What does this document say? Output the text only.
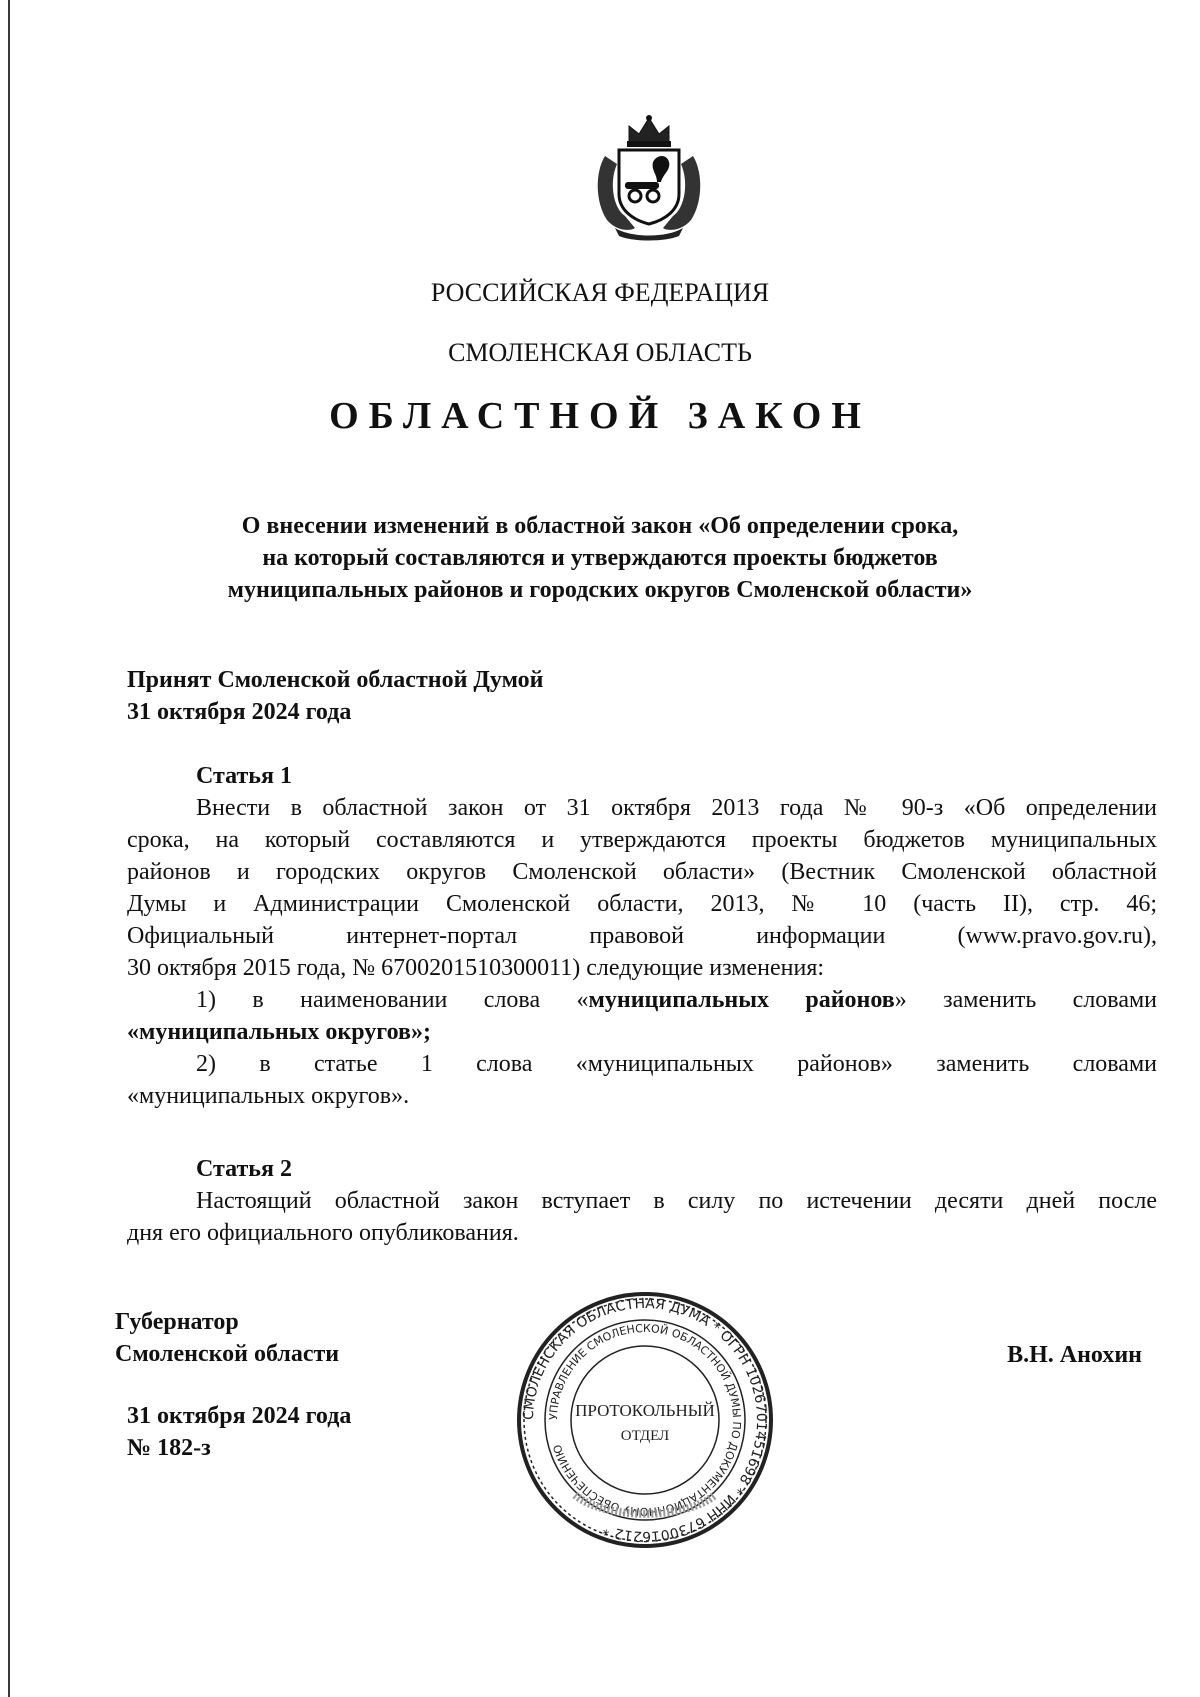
РОССИЙСКАЯ ФЕДЕРАЦИЯ

СМОЛЕНСКАЯ ОБЛАСТЬ

ОБЛАСТНОЙ ЗАКОН

О внесении изменений в областной закон «Об определении срока,
на который составляются и утверждаются проекты бюджетов
муниципальных районов и городских округов Смоленской области»
Принят Смоленской областной Думой
31 октября 2024 года
Статья 1

Внести в областной закон от 31 октября 2013 года № 90-з «Об определении

срока, на который составляются и утверждаются проекты бюджетов муниципальных

районов и городских округов Смоленской области» (Вестник Смоленской областной

Думы и Администрации Смоленской области, 2013, № 10 (часть II), стр. 46;

Официальный интернет-портал правовой информации (www.pravo.gov.ru),

30 октября 2015 года, № 6700201510300011) следующие изменения:

1) в наименовании слова «муниципальных районов» заменить словами

«муниципальных округов»;

2) в статье 1 слова «муниципальных районов» заменить словами

«муниципальных округов».

Статья 2

Настоящий областной закон вступает в силу по истечении десяти дней после

дня его официального опубликования.

Губернатор
Смоленской области	В.Н. Анохин
31 октября 2024 года
№ 182-з
СМОЛЕНСКАЯ ОБЛАСТНАЯ ДУМА * ОГРН 1026701451698 * ИНН 6730016212 *
УПРАВЛЕНИЕ СМОЛЕНСКОЙ ОБЛАСТНОЙ ДУМЫ ПО ДОКУМЕНТАЦИОННОМУ ОБЕСПЕЧЕНИЮ
ПРОТОКОЛЬНЫЙ
ОТДЕЛ
